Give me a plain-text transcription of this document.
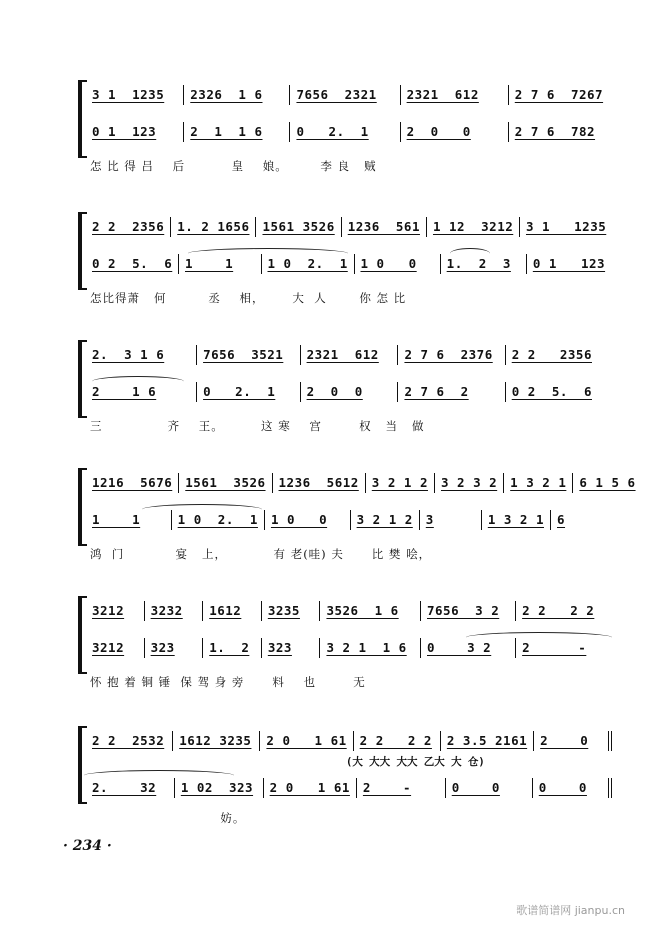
3 1  1235	2326  1 6	7656  2321	2321  612	2 7 6  7267
0 1  123	2  1  1 6	0   2.  1	2  0   0	2 7 6  782
怎 比 得 吕    后          皇    娘。       李 良   贼
2 2  2356	1. 2 1656	1561 3526	1236  561	1 12  3212	3 1   1235
0 2  5.  6	1    1	1 0  2.  1	1 0   0	1.  2  3	0 1   123
怎比得萧   何         丞    相，      大  人       你 怎 比
2.  3 1 6	7656  3521	2321  612	2 7 6  2376	2 2   2356
2    1 6	0   2.  1	2  0  0	2 7 6  2	0 2  5.  6
三              齐    王。        这 寒    宫        权   当   做
1216  5676	1561  3526	1236  5612	3 2 1 2	3 2 3 2	1 3 2 1	6 1 5 6
1    1	1 0  2.  1	1 0   0	3 2 1 2	3	1 3 2 1	6
鸿  门           宴   上，          有 老(哇) 夫      比 樊 哙，
3212	3232	1612	3235	3526  1 6	7656  3 2	2 2   2 2
3212	323	1.  2	323	3 2 1  1 6	0    3 2	2      -
怀 抱 着 铜 锤  保 驾 身 旁      料    也        无
2 2  2532	1612 3235	2 0   1 61	2 2   2 2	2 3.5 2161	2    0
(大 大大 大大 乙大 大 仓)
2.    32	1 02  323	2 0   1 61	2    -	0    0	0    0
妨。
· 234 ·
歌谱简谱网 jianpu.cn
